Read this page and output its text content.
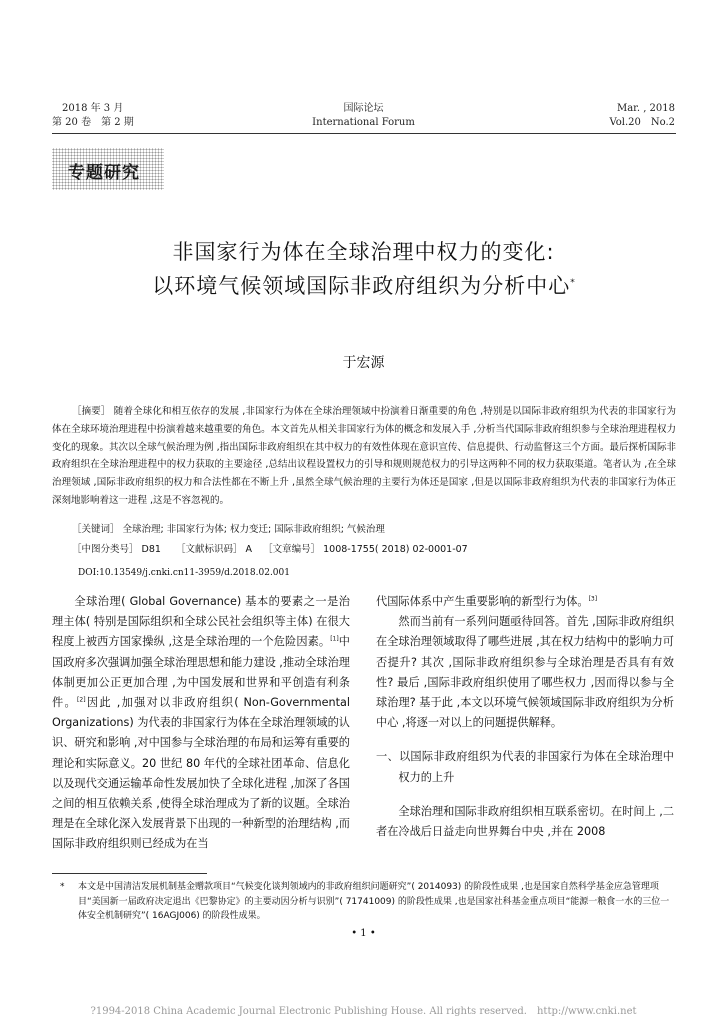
2018 年 3 月
第 20 卷　第 2 期
国际论坛
International Forum
Mar. , 2018
Vol.20　No.2
专题研究
非国家行为体在全球治理中权力的变化:
以环境气候领域国际非政府组织为分析中心*
于宏源
［摘要］ 随着全球化和相互依存的发展 ,非国家行为体在全球治理领域中扮演着日渐重要的角色 ,特别是以国际非政府组织为代表的非国家行为体在全球环境治理进程中扮演着越来越重要的角色。本文首先从相关非国家行为体的概念和发展入手 ,分析当代国际非政府组织参与全球治理进程权力变化的现象。其次以全球气候治理为例 ,指出国际非政府组织在其中权力的有效性体现在意识宣传、信息提供、行动监督这三个方面。最后探析国际非政府组织在全球治理进程中的权力获取的主要途径 ,总结出议程设置权力的引导和规则规范权力的引导这两种不同的权力获取渠道。笔者认为 ,在全球治理领域 ,国际非政府组织的权力和合法性都在不断上升 ,虽然全球气候治理的主要行为体还是国家 ,但是以国际非政府组织为代表的非国家行为体正深刻地影响着这一进程 ,这是不容忽视的。
［关键词］ 全球治理; 非国家行为体; 权力变迁; 国际非政府组织; 气候治理
［中图分类号］ D81 ［文献标识码］ A ［文章编号］ 1008-1755( 2018) 02-0001-07
DOI:10.13549/j.cnki.cn11-3959/d.2018.02.001

全球治理( Global Governance) 基本的要素之一是治理主体( 特别是国际组织和全球公民社会组织等主体) 在很大程度上被西方国家操纵 ,这是全球治理的一个危险因素。[1]中国政府多次强调加强全球治理思想和能力建设 ,推动全球治理体制更加公正更加合理 ,为中国发展和世界和平创造有利条件。[2]因此 ,加强对以非政府组织( Non-Governmental Organizations) 为代表的非国家行为体在全球治理领域的认识、研究和影响 ,对中国参与全球治理的布局和运筹有重要的理论和实际意义。20 世纪 80 年代的全球社团革命、信息化以及现代交通运输革命性发展加快了全球化进程 ,加深了各国之间的相互依赖关系 ,使得全球治理成为了新的议题。全球治理是在全球化深入发展背景下出现的一种新型的治理结构 ,而国际非政府组织则已经成为在当

代国际体系中产生重要影响的新型行为体。[3]

然而当前有一系列问题亟待回答。首先 ,国际非政府组织在全球治理领域取得了哪些进展 ,其在权力结构中的影响力可否提升? 其次 ,国际非政府组织参与全球治理是否具有有效性? 最后 ,国际非政府组织使用了哪些权力 ,因而得以参与全球治理? 基于此 ,本文以环境气候领域国际非政府组织为分析中心 ,将逐一对以上的问题提供解释。

一、以国际非政府组织为代表的非国家行为体在全球治理中权力的上升

全球治理和国际非政府组织相互联系密切。在时间上 ,二者在冷战后日益走向世界舞台中央 ,并在 2008

* 本文是中国清洁发展机制基金赠款项目“气候变化谈判领域内的非政府组织问题研究”( 2014093) 的阶段性成果 ,也是国家自然科学基金应急管理项目“美国新一届政府决定退出《巴黎协定》的主要动因分析与识别”( 71741009) 的阶段性成果 ,也是国家社科基金重点项目“能源一粮食一水的三位一体安全机制研究”( 16AGJ006) 的阶段性成果。
• 1 •
?1994-2018 China Academic Journal Electronic Publishing House. All rights reserved.　http://www.cnki.net
